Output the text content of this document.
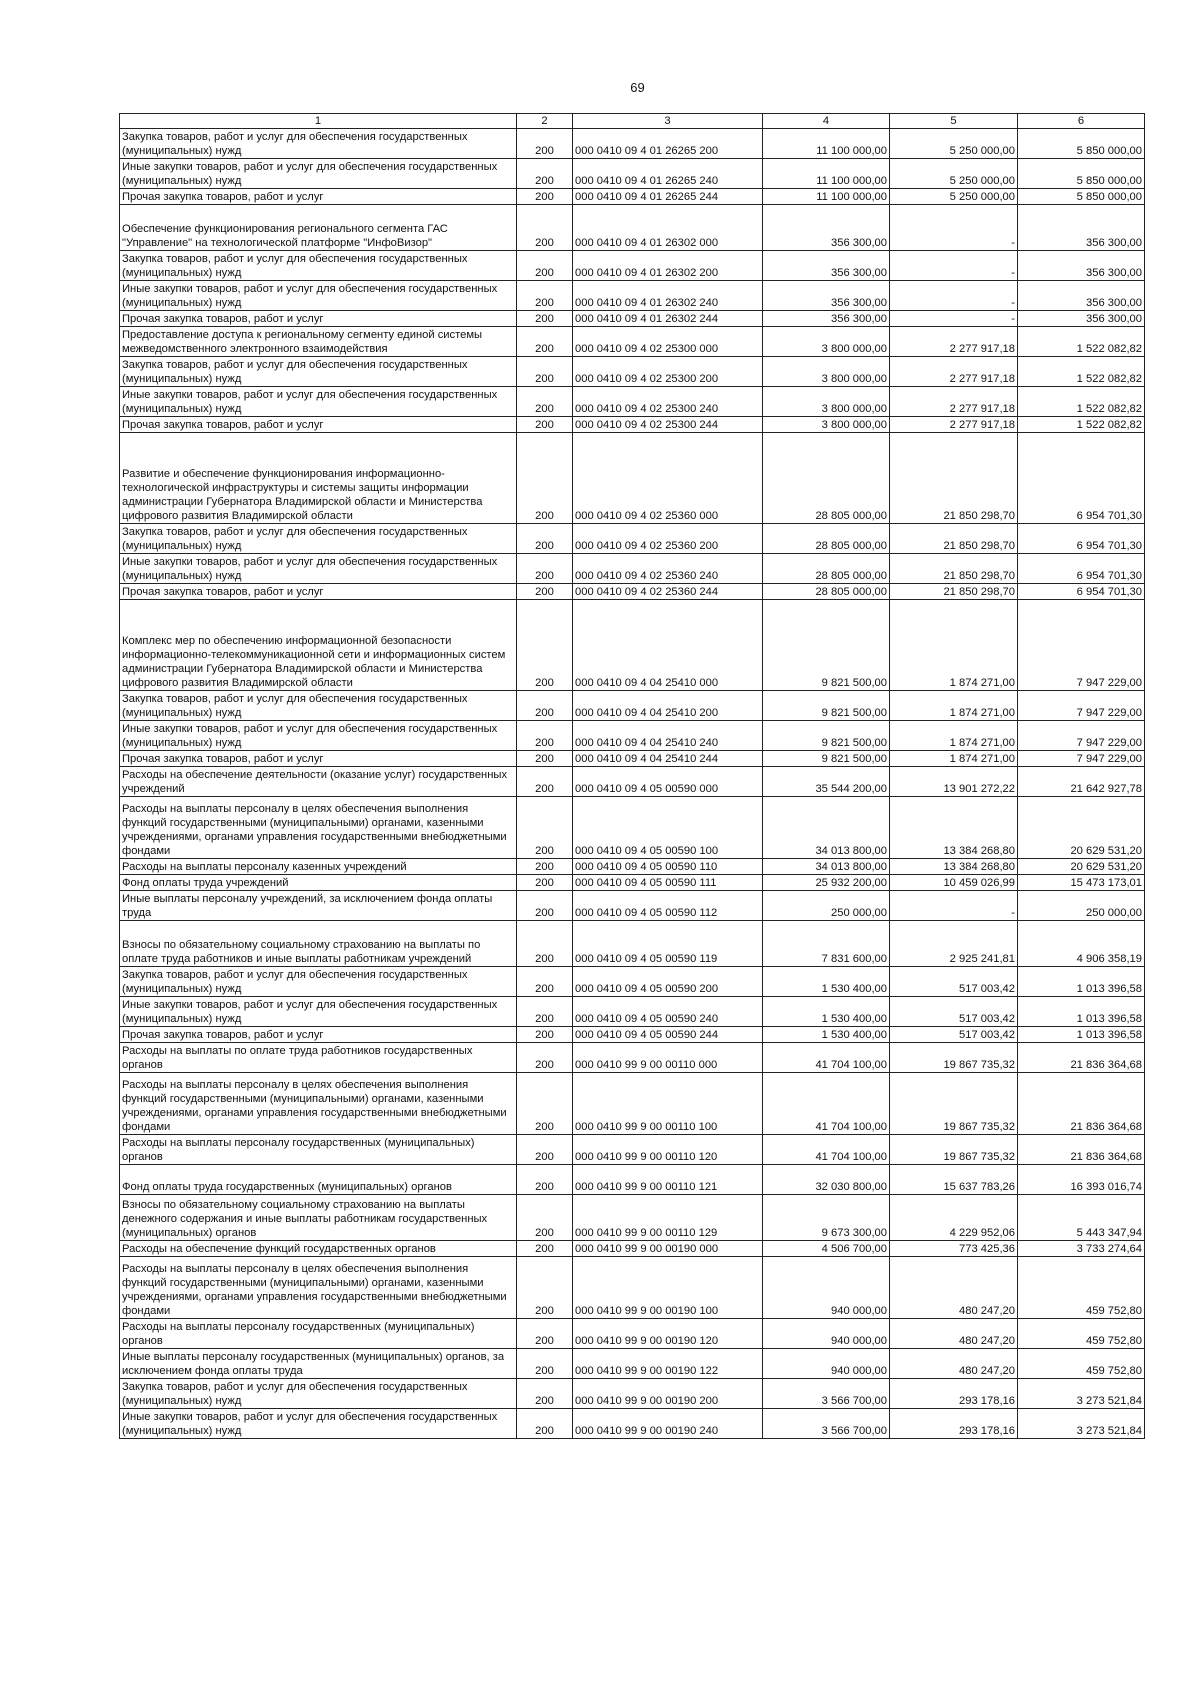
69
1	2	3	4	5	6
Закупка товаров, работ и услуг для обеспечения государственных (муниципальных) нужд	200	000 0410 09 4 01 26265 200	11 100 000,00	5 250 000,00	5 850 000,00
Иные закупки товаров, работ и услуг для обеспечения государственных (муниципальных) нужд	200	000 0410 09 4 01 26265 240	11 100 000,00	5 250 000,00	5 850 000,00
Прочая закупка товаров, работ и услуг	200	000 0410 09 4 01 26265 244	11 100 000,00	5 250 000,00	5 850 000,00
Обеспечение функционирования регионального сегмента ГАС "Управление" на технологической платформе "ИнфоВизор"	200	000 0410 09 4 01 26302 000	356 300,00	-	356 300,00
Закупка товаров, работ и услуг для обеспечения государственных (муниципальных) нужд	200	000 0410 09 4 01 26302 200	356 300,00	-	356 300,00
Иные закупки товаров, работ и услуг для обеспечения государственных (муниципальных) нужд	200	000 0410 09 4 01 26302 240	356 300,00	-	356 300,00
Прочая закупка товаров, работ и услуг	200	000 0410 09 4 01 26302 244	356 300,00	-	356 300,00
Предоставление доступа к региональному сегменту единой системы межведомственного электронного взаимодействия	200	000 0410 09 4 02 25300 000	3 800 000,00	2 277 917,18	1 522 082,82
Закупка товаров, работ и услуг для обеспечения государственных (муниципальных) нужд	200	000 0410 09 4 02 25300 200	3 800 000,00	2 277 917,18	1 522 082,82
Иные закупки товаров, работ и услуг для обеспечения государственных (муниципальных) нужд	200	000 0410 09 4 02 25300 240	3 800 000,00	2 277 917,18	1 522 082,82
Прочая закупка товаров, работ и услуг	200	000 0410 09 4 02 25300 244	3 800 000,00	2 277 917,18	1 522 082,82
Развитие и обеспечение функционирования информационно-технологической инфраструктуры и системы защиты информации администрации Губернатора Владимирской области и Министерства цифрового развития Владимирской области	200	000 0410 09 4 02 25360 000	28 805 000,00	21 850 298,70	6 954 701,30
Закупка товаров, работ и услуг для обеспечения государственных (муниципальных) нужд	200	000 0410 09 4 02 25360 200	28 805 000,00	21 850 298,70	6 954 701,30
Иные закупки товаров, работ и услуг для обеспечения государственных (муниципальных) нужд	200	000 0410 09 4 02 25360 240	28 805 000,00	21 850 298,70	6 954 701,30
Прочая закупка товаров, работ и услуг	200	000 0410 09 4 02 25360 244	28 805 000,00	21 850 298,70	6 954 701,30
Комплекс мер по обеспечению информационной безопасности информационно-телекоммуникационной сети и информационных систем администрации Губернатора Владимирской области и Министерства цифрового развития Владимирской области	200	000 0410 09 4 04 25410 000	9 821 500,00	1 874 271,00	7 947 229,00
Закупка товаров, работ и услуг для обеспечения государственных (муниципальных) нужд	200	000 0410 09 4 04 25410 200	9 821 500,00	1 874 271,00	7 947 229,00
Иные закупки товаров, работ и услуг для обеспечения государственных (муниципальных) нужд	200	000 0410 09 4 04 25410 240	9 821 500,00	1 874 271,00	7 947 229,00
Прочая закупка товаров, работ и услуг	200	000 0410 09 4 04 25410 244	9 821 500,00	1 874 271,00	7 947 229,00
Расходы на обеспечение деятельности (оказание услуг) государственных учреждений	200	000 0410 09 4 05 00590 000	35 544 200,00	13 901 272,22	21 642 927,78
Расходы на выплаты персоналу в целях обеспечения выполнения функций государственными (муниципальными) органами, казенными учреждениями, органами управления государственными внебюджетными фондами	200	000 0410 09 4 05 00590 100	34 013 800,00	13 384 268,80	20 629 531,20
Расходы на выплаты персоналу казенных учреждений	200	000 0410 09 4 05 00590 110	34 013 800,00	13 384 268,80	20 629 531,20
Фонд оплаты труда учреждений	200	000 0410 09 4 05 00590 111	25 932 200,00	10 459 026,99	15 473 173,01
Иные выплаты персоналу учреждений, за исключением фонда оплаты труда	200	000 0410 09 4 05 00590 112	250 000,00	-	250 000,00
Взносы по обязательному социальному страхованию на выплаты по оплате труда работников и иные выплаты работникам учреждений	200	000 0410 09 4 05 00590 119	7 831 600,00	2 925 241,81	4 906 358,19
Закупка товаров, работ и услуг для обеспечения государственных (муниципальных) нужд	200	000 0410 09 4 05 00590 200	1 530 400,00	517 003,42	1 013 396,58
Иные закупки товаров, работ и услуг для обеспечения государственных (муниципальных) нужд	200	000 0410 09 4 05 00590 240	1 530 400,00	517 003,42	1 013 396,58
Прочая закупка товаров, работ и услуг	200	000 0410 09 4 05 00590 244	1 530 400,00	517 003,42	1 013 396,58
Расходы на выплаты по оплате труда работников государственных органов	200	000 0410 99 9 00 00110 000	41 704 100,00	19 867 735,32	21 836 364,68
Расходы на выплаты персоналу в целях обеспечения выполнения функций государственными (муниципальными) органами, казенными учреждениями, органами управления государственными внебюджетными фондами	200	000 0410 99 9 00 00110 100	41 704 100,00	19 867 735,32	21 836 364,68
Расходы на выплаты персоналу государственных (муниципальных) органов	200	000 0410 99 9 00 00110 120	41 704 100,00	19 867 735,32	21 836 364,68
Фонд оплаты труда государственных (муниципальных) органов	200	000 0410 99 9 00 00110 121	32 030 800,00	15 637 783,26	16 393 016,74
Взносы по обязательному социальному страхованию на выплаты денежного содержания и иные выплаты работникам государственных (муниципальных) органов	200	000 0410 99 9 00 00110 129	9 673 300,00	4 229 952,06	5 443 347,94
Расходы на обеспечение функций государственных органов	200	000 0410 99 9 00 00190 000	4 506 700,00	773 425,36	3 733 274,64
Расходы на выплаты персоналу в целях обеспечения выполнения функций государственными (муниципальными) органами, казенными учреждениями, органами управления государственными внебюджетными фондами	200	000 0410 99 9 00 00190 100	940 000,00	480 247,20	459 752,80
Расходы на выплаты персоналу государственных (муниципальных) органов	200	000 0410 99 9 00 00190 120	940 000,00	480 247,20	459 752,80
Иные выплаты персоналу государственных (муниципальных) органов, за исключением фонда оплаты труда	200	000 0410 99 9 00 00190 122	940 000,00	480 247,20	459 752,80
Закупка товаров, работ и услуг для обеспечения государственных (муниципальных) нужд	200	000 0410 99 9 00 00190 200	3 566 700,00	293 178,16	3 273 521,84
Иные закупки товаров, работ и услуг для обеспечения государственных (муниципальных) нужд	200	000 0410 99 9 00 00190 240	3 566 700,00	293 178,16	3 273 521,84
